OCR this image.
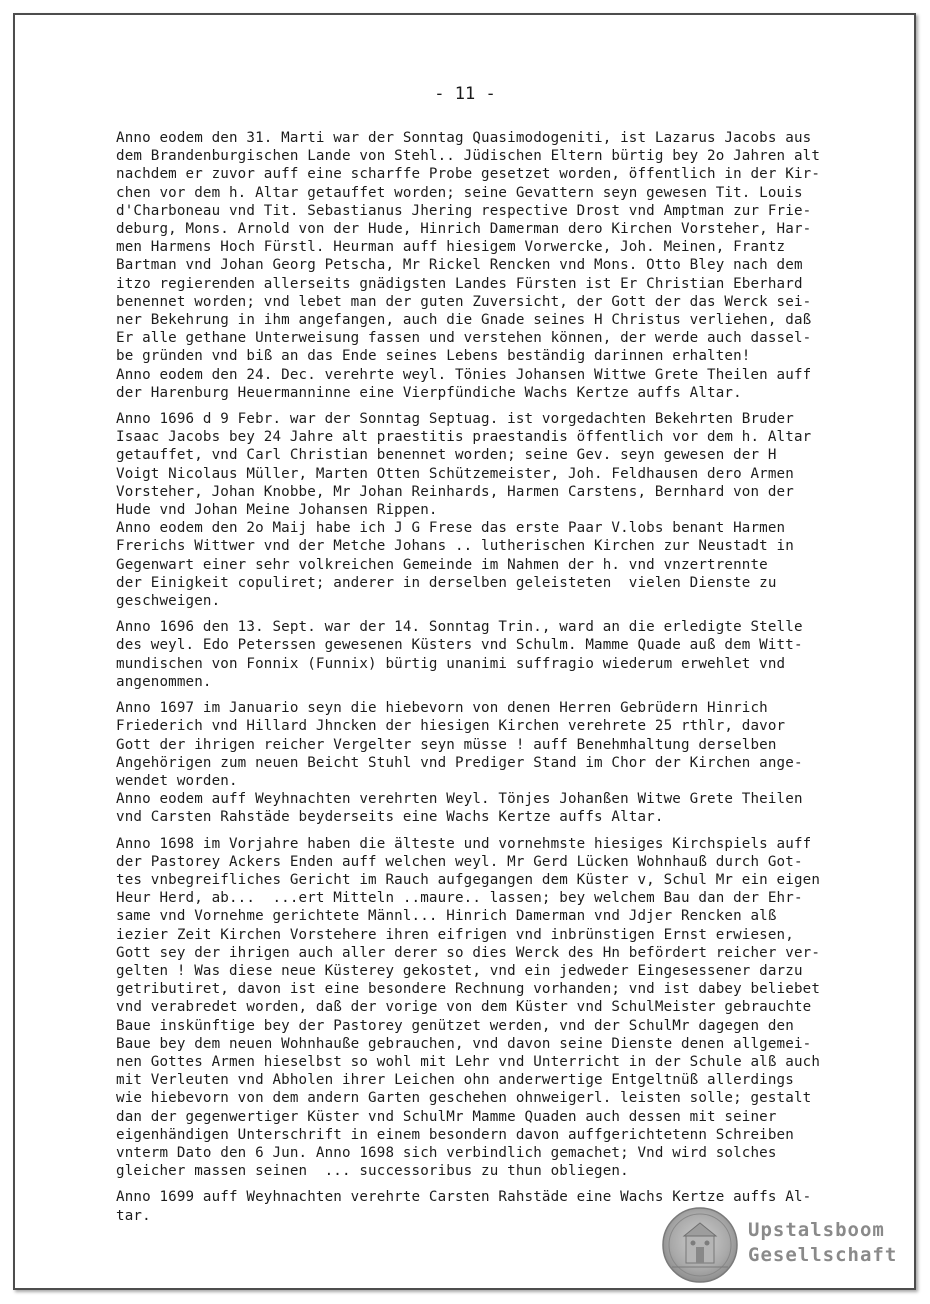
- 11 -
Anno eodem den 31. Marti war der Sonntag Quasimodogeniti, ist Lazarus Jacobs aus
dem Brandenburgischen Lande von Stehl.. Jüdischen Eltern bürtig bey 2o Jahren alt
nachdem er zuvor auff eine scharffe Probe gesetzet worden, öffentlich in der Kir-
chen vor dem h. Altar getauffet worden; seine Gevattern seyn gewesen Tit. Louis
d'Charboneau vnd Tit. Sebastianus Jhering respective Drost vnd Amptman zur Frie-
deburg, Mons. Arnold von der Hude, Hinrich Damerman dero Kirchen Vorsteher, Har-
men Harmens Hoch Fürstl. Heurman auff hiesigem Vorwercke, Joh. Meinen, Frantz
Bartman vnd Johan Georg Petscha, Mr Rickel Rencken vnd Mons. Otto Bley nach dem
itzo regierenden allerseits gnädigsten Landes Fürsten ist Er Christian Eberhard
benennet worden; vnd lebet man der guten Zuversicht, der Gott der das Werck sei-
ner Bekehrung in ihm angefangen, auch die Gnade seines H Christus verliehen, daß
Er alle gethane Unterweisung fassen und verstehen können, der werde auch dassel-
be gründen vnd biß an das Ende seines Lebens beständig darinnen erhalten!
Anno eodem den 24. Dec. verehrte weyl. Tönies Johansen Wittwe Grete Theilen auff
der Harenburg Heuermanninne eine Vierpfündiche Wachs Kertze auffs Altar.
Anno 1696 d 9 Febr. war der Sonntag Septuag. ist vorgedachten Bekehrten Bruder
Isaac Jacobs bey 24 Jahre alt praestitis praestandis öffentlich vor dem h. Altar
getauffet, vnd Carl Christian benennet worden; seine Gev. seyn gewesen der H
Voigt Nicolaus Müller, Marten Otten Schützemeister, Joh. Feldhausen dero Armen
Vorsteher, Johan Knobbe, Mr Johan Reinhards, Harmen Carstens, Bernhard von der
Hude vnd Johan Meine Johansen Rippen.
Anno eodem den 2o Maij habe ich J G Frese das erste Paar V.lobs benant Harmen
Frerichs Wittwer vnd der Metche Johans .. lutherischen Kirchen zur Neustadt in
Gegenwart einer sehr volkreichen Gemeinde im Nahmen der h. vnd vnzertrennte
der Einigkeit copuliret; anderer in derselben geleisteten  vielen Dienste zu
geschweigen.
Anno 1696 den 13. Sept. war der 14. Sonntag Trin., ward an die erledigte Stelle
des weyl. Edo Peterssen gewesenen Küsters vnd Schulm. Mamme Quade auß dem Witt-
mundischen von Fonnix (Funnix) bürtig unanimi suffragio wiederum erwehlet vnd
angenommen.
Anno 1697 im Januario seyn die hiebevorn von denen Herren Gebrüdern Hinrich
Friederich vnd Hillard Jhncken der hiesigen Kirchen verehrete 25 rthlr, davor
Gott der ihrigen reicher Vergelter seyn müsse ! auff Benehmhaltung derselben
Angehörigen zum neuen Beicht Stuhl vnd Prediger Stand im Chor der Kirchen ange-
wendet worden.
Anno eodem auff Weyhnachten verehrten Weyl. Tönjes Johanßen Witwe Grete Theilen
vnd Carsten Rahstäde beyderseits eine Wachs Kertze auffs Altar.
Anno 1698 im Vorjahre haben die älteste und vornehmste hiesiges Kirchspiels auff
der Pastorey Ackers Enden auff welchen weyl. Mr Gerd Lücken Wohnhauß durch Got-
tes vnbegreifliches Gericht im Rauch aufgegangen dem Küster v, Schul Mr ein eigen
Heur Herd, ab...  ...ert Mitteln ..maure.. lassen; bey welchem Bau dan der Ehr-
same vnd Vornehme gerichtete Männl... Hinrich Damerman vnd Jdjer Rencken alß
iezier Zeit Kirchen Vorstehere ihren eifrigen vnd inbrünstigen Ernst erwiesen,
Gott sey der ihrigen auch aller derer so dies Werck des Hn befördert reicher ver-
gelten ! Was diese neue Küsterey gekostet, vnd ein jedweder Eingesessener darzu
getributiret, davon ist eine besondere Rechnung vorhanden; vnd ist dabey beliebet
vnd verabredet worden, daß der vorige von dem Küster vnd SchulMeister gebrauchte
Baue inskünftige bey der Pastorey genützet werden, vnd der SchulMr dagegen den
Baue bey dem neuen Wohnhauße gebrauchen, vnd davon seine Dienste denen allgemei-
nen Gottes Armen hieselbst so wohl mit Lehr vnd Unterricht in der Schule alß auch
mit Verleuten vnd Abholen ihrer Leichen ohn anderwertige Entgeltnüß allerdings
wie hiebevorn von dem andern Garten geschehen ohnweigerl. leisten solle; gestalt
dan der gegenwertiger Küster vnd SchulMr Mamme Quaden auch dessen mit seiner
eigenhändigen Unterschrift in einem besondern davon auffgerichtetenn Schreiben
vnterm Dato den 6 Jun. Anno 1698 sich verbindlich gemachet; Vnd wird solches
gleicher massen seinen  ... successoribus zu thun obliegen.
Anno 1699 auff Weyhnachten verehrte Carsten Rahstäde eine Wachs Kertze auffs Al-
tar.
Upstalsboom
Gesellschaft
